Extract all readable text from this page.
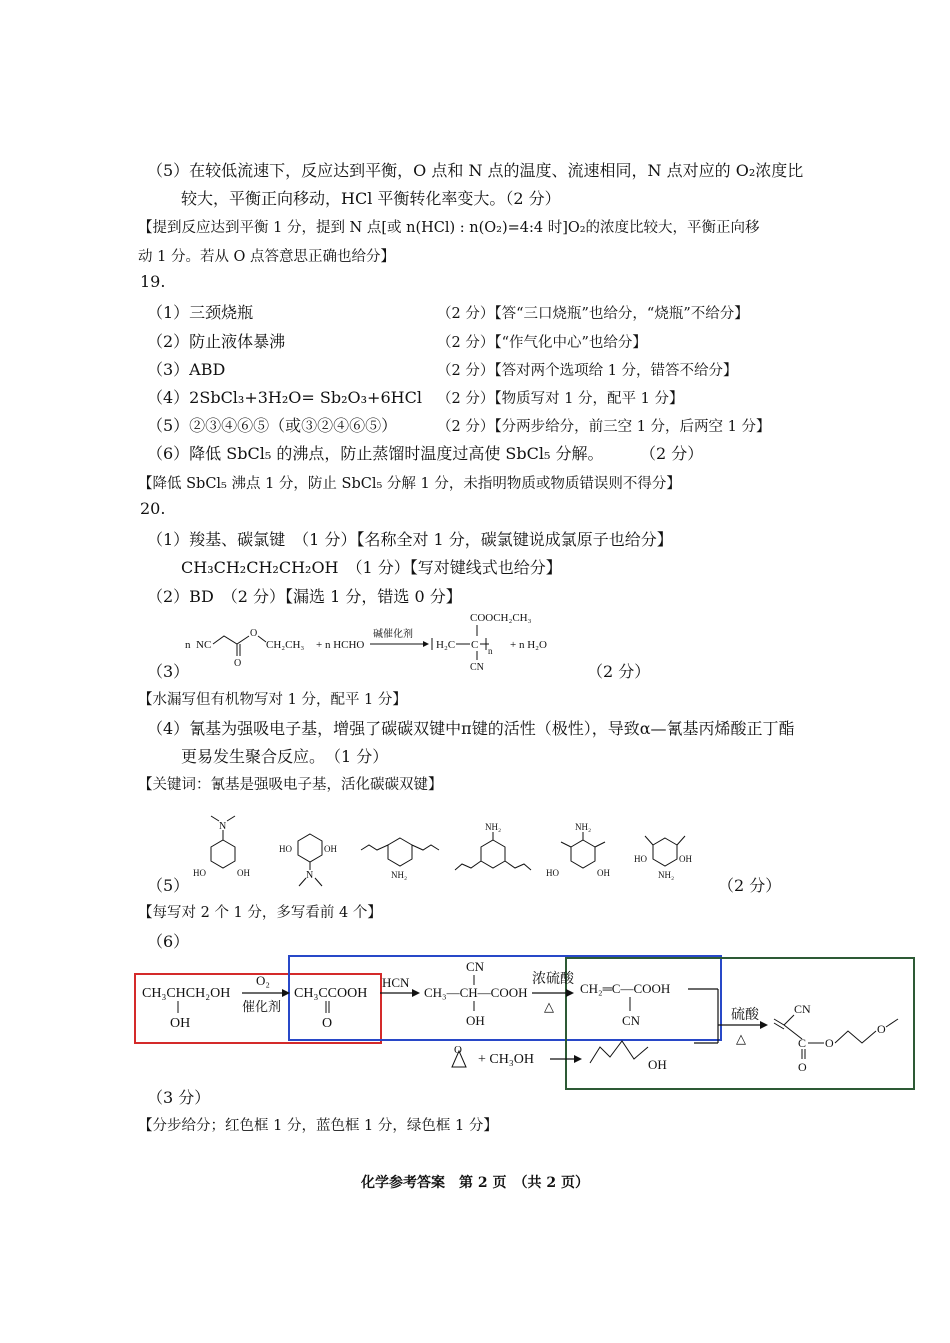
（5）在较低流速下，反应达到平衡，O 点和 N 点的温度、流速相同，N 点对应的 O₂浓度比
较大，平衡正向移动，HCl 平衡转化率变大。（2 分）
【提到反应达到平衡 1 分，提到 N 点[或 n(HCl) : n(O₂)=4:4 时]O₂的浓度比较大，平衡正向移
动 1 分。若从 O 点答意思正确也给分】
19.
（1）三颈烧瓶	（2 分）【答“三口烧瓶”也给分，“烧瓶”不给分】
（2）防止液体暴沸	（2 分）【“作气化中心”也给分】
（3）ABD	（2 分）【答对两个选项给 1 分，错答不给分】
（4）2SbCl₃+3H₂O= Sb₂O₃+6HCl （2 分）【物质写对 1 分，配平 1 分】
（5）②③④⑥⑤（或③②④⑥⑤）	（2 分）【分两步给分，前三空 1 分，后两空 1 分】
（6）降低 SbCl₅ 的沸点，防止蒸馏时温度过高使 SbCl₅ 分解。 （2 分）
【降低 SbCl₅ 沸点 1 分，防止 SbCl₅ 分解 1 分，未指明物质或物质错误则不得分】
20.
（1）羧基、碳氯键　（1 分）【名称全对 1 分，碳氯键说成氯原子也给分】
CH₃CH₂CH₂CH₂OH　（1 分）【写对键线式也给分】
（2）BD　（2 分）【漏选 1 分，错选 0 分】
n NC
O
O
CH₂CH₃ + n HCHO
碱催化剂
COOCH₂CH₃
H₂C C n
CN
+ n H₂O
（3）	（2 分）
【水漏写但有机物写对 1 分，配平 1 分】
（4）氰基为强吸电子基，增强了碳碳双键中π键的活性（极性），导致α—氰基丙烯酸正丁酯
更易发生聚合反应。　（1 分）
【关键词：氰基是强吸电子基，活化碳碳双键】
N
HO	OH
HO	OH
N	NH₂
NH₂	NH₂
HO	OH
HO	OH
NH₂
（5）	（2 分）
【每写对 2 个 1 分，多写看前 4 个】
（6）
CH₃CHCH₂OH
OH
O₂
催化剂
CH₃CCOOH
O
HCN
CN
CH₃—CH—COOH
OH
浓硫酸
△
CH₂═C—COOH
CN	硫酸
△
CN
C
O
O
O
O
+ CH₃OH	OH
（3 分）
【分步给分；红色框 1 分，蓝色框 1 分，绿色框 1 分】
化学参考答案　第 2 页　（共 2 页）
